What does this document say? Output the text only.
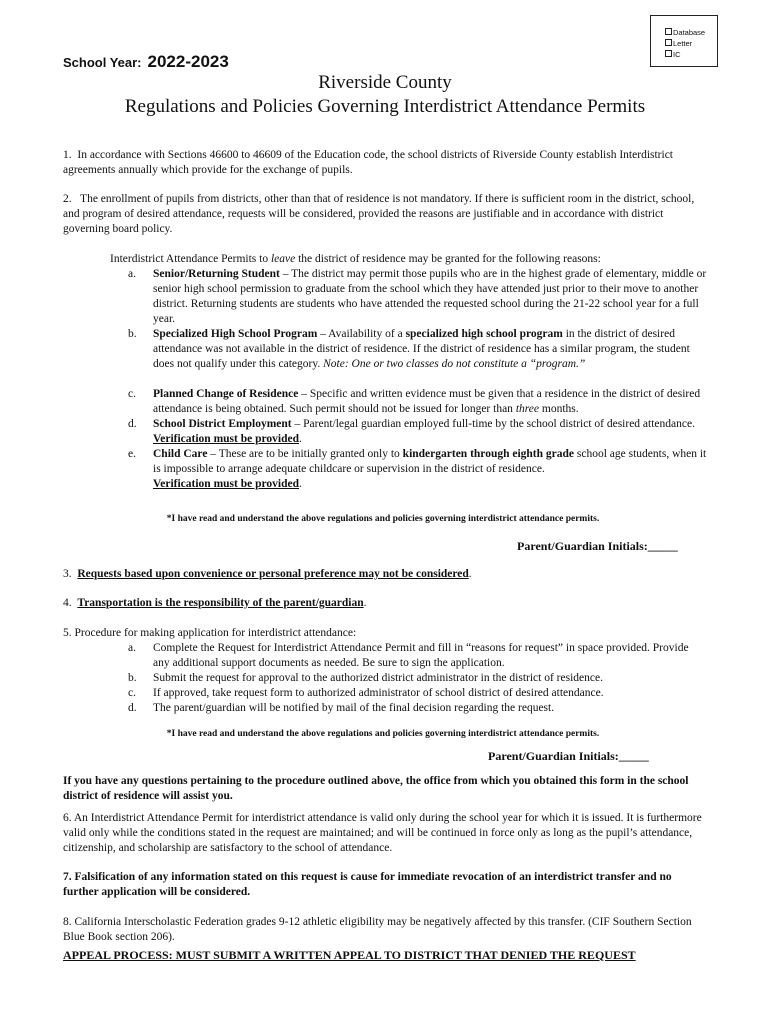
Database
Letter
IC
School Year: 2022-2023
Riverside County
Regulations and Policies Governing Interdistrict Attendance Permits
1. In accordance with Sections 46600 to 46609 of the Education code, the school districts of Riverside County establish Interdistrict agreements annually which provide for the exchange of pupils.
2. The enrollment of pupils from districts, other than that of residence is not mandatory. If there is sufficient room in the district, school, and program of desired attendance, requests will be considered, provided the reasons are justifiable and in accordance with district governing board policy.
Interdistrict Attendance Permits to leave the district of residence may be granted for the following reasons:
a.	Senior/Returning Student – The district may permit those pupils who are in the highest grade of elementary, middle or senior high school permission to graduate from the school which they have attended just prior to their move to another district. Returning students are students who have attended the requested school during the 21-22 school year for a full year.
b.	Specialized High School Program – Availability of a specialized high school program in the district of desired attendance was not available in the district of residence. If the district of residence has a similar program, the student does not qualify under this category. Note: One or two classes do not constitute a “program.”
c.	Planned Change of Residence – Specific and written evidence must be given that a residence in the district of desired attendance is being obtained. Such permit should not be issued for longer than three months.
d.	School District Employment – Parent/legal guardian employed full-time by the school district of desired attendance. Verification must be provided.
e.	Child Care – These are to be initially granted only to kindergarten through eighth grade school age students, when it is impossible to arrange adequate childcare or supervision in the district of residence.
Verification must be provided.
*I have read and understand the above regulations and policies governing interdistrict attendance permits.
Parent/Guardian Initials:_____
3. Requests based upon convenience or personal preference may not be considered.
4. Transportation is the responsibility of the parent/guardian.
5. Procedure for making application for interdistrict attendance:
a.	Complete the Request for Interdistrict Attendance Permit and fill in “reasons for request” in space provided. Provide any additional support documents as needed. Be sure to sign the application.
b.	Submit the request for approval to the authorized district administrator in the district of residence.
c.	If approved, take request form to authorized administrator of school district of desired attendance.
d.	The parent/guardian will be notified by mail of the final decision regarding the request.
*I have read and understand the above regulations and policies governing interdistrict attendance permits.
Parent/Guardian Initials:_____
If you have any questions pertaining to the procedure outlined above, the office from which you obtained this form in the school district of residence will assist you.
6. An Interdistrict Attendance Permit for interdistrict attendance is valid only during the school year for which it is issued. It is furthermore valid only while the conditions stated in the request are maintained; and will be continued in force only as long as the pupil’s attendance, citizenship, and scholarship are satisfactory to the school of attendance.
7. Falsification of any information stated on this request is cause for immediate revocation of an interdistrict transfer and no further application will be considered.
8. California Interscholastic Federation grades 9-12 athletic eligibility may be negatively affected by this transfer. (CIF Southern Section Blue Book section 206).
APPEAL PROCESS: MUST SUBMIT A WRITTEN APPEAL TO DISTRICT THAT DENIED THE REQUEST
